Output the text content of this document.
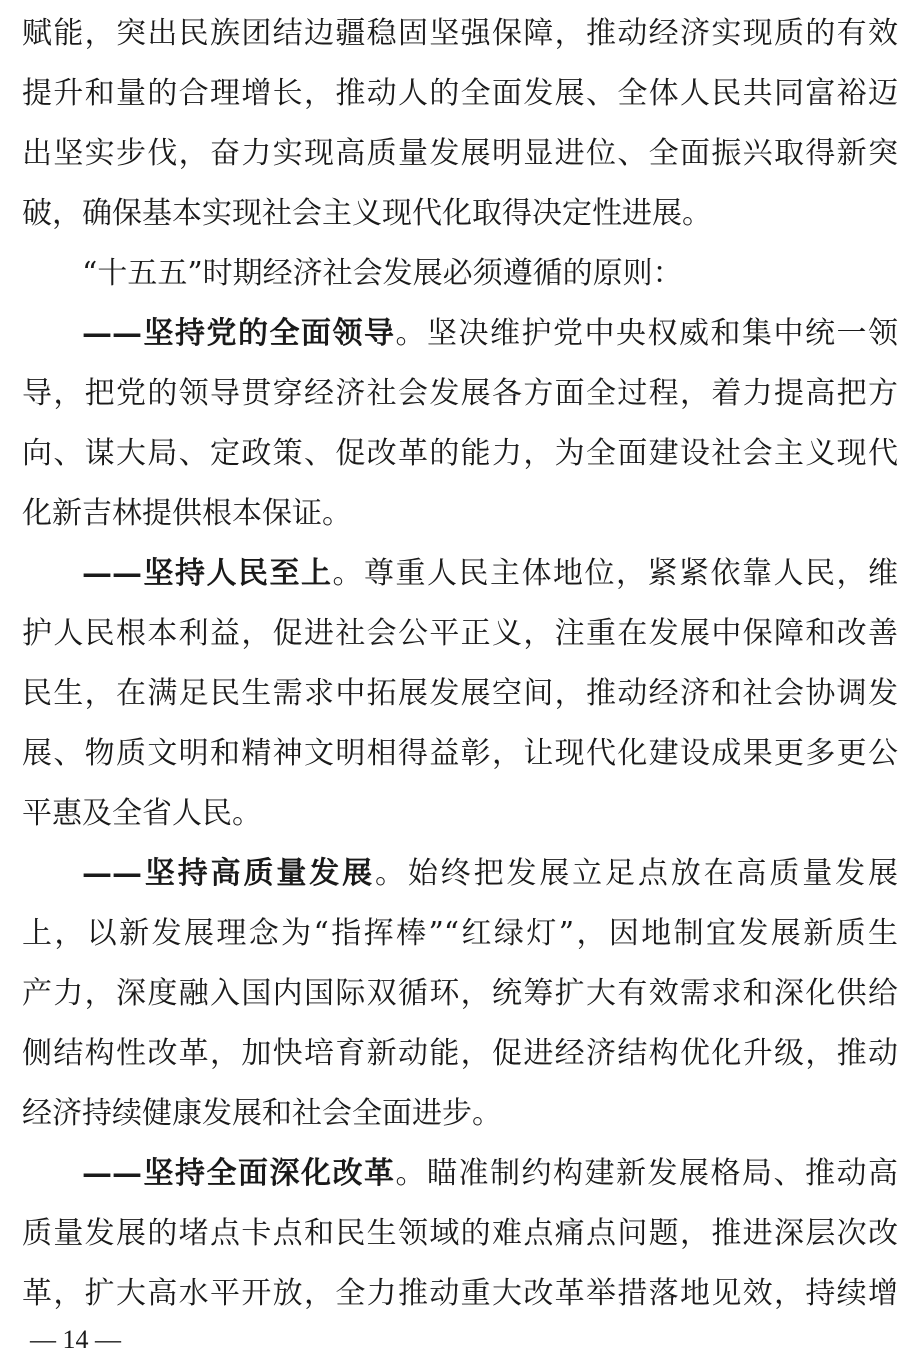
赋能，突出民族团结边疆稳固坚强保障，推动经济实现质的有效
提升和量的合理增长，推动人的全面发展、全体人民共同富裕迈
出坚实步伐，奋力实现高质量发展明显进位、全面振兴取得新突
破，确保基本实现社会主义现代化取得决定性进展。
“十五五”时期经济社会发展必须遵循的原则：
——坚持党的全面领导。坚决维护党中央权威和集中统一领
导，把党的领导贯穿经济社会发展各方面全过程，着力提高把方
向、谋大局、定政策、促改革的能力，为全面建设社会主义现代
化新吉林提供根本保证。
——坚持人民至上。尊重人民主体地位，紧紧依靠人民，维
护人民根本利益，促进社会公平正义，注重在发展中保障和改善
民生，在满足民生需求中拓展发展空间，推动经济和社会协调发
展、物质文明和精神文明相得益彰，让现代化建设成果更多更公
平惠及全省人民。
——坚持高质量发展。始终把发展立足点放在高质量发展
上，以新发展理念为“指挥棒”“红绿灯”，因地制宜发展新质生
产力，深度融入国内国际双循环，统筹扩大有效需求和深化供给
侧结构性改革，加快培育新动能，促进经济结构优化升级，推动
经济持续健康发展和社会全面进步。
——坚持全面深化改革。瞄准制约构建新发展格局、推动高
质量发展的堵点卡点和民生领域的难点痛点问题，推进深层次改
革，扩大高水平开放，全力推动重大改革举措落地见效，持续增
— 14 —
